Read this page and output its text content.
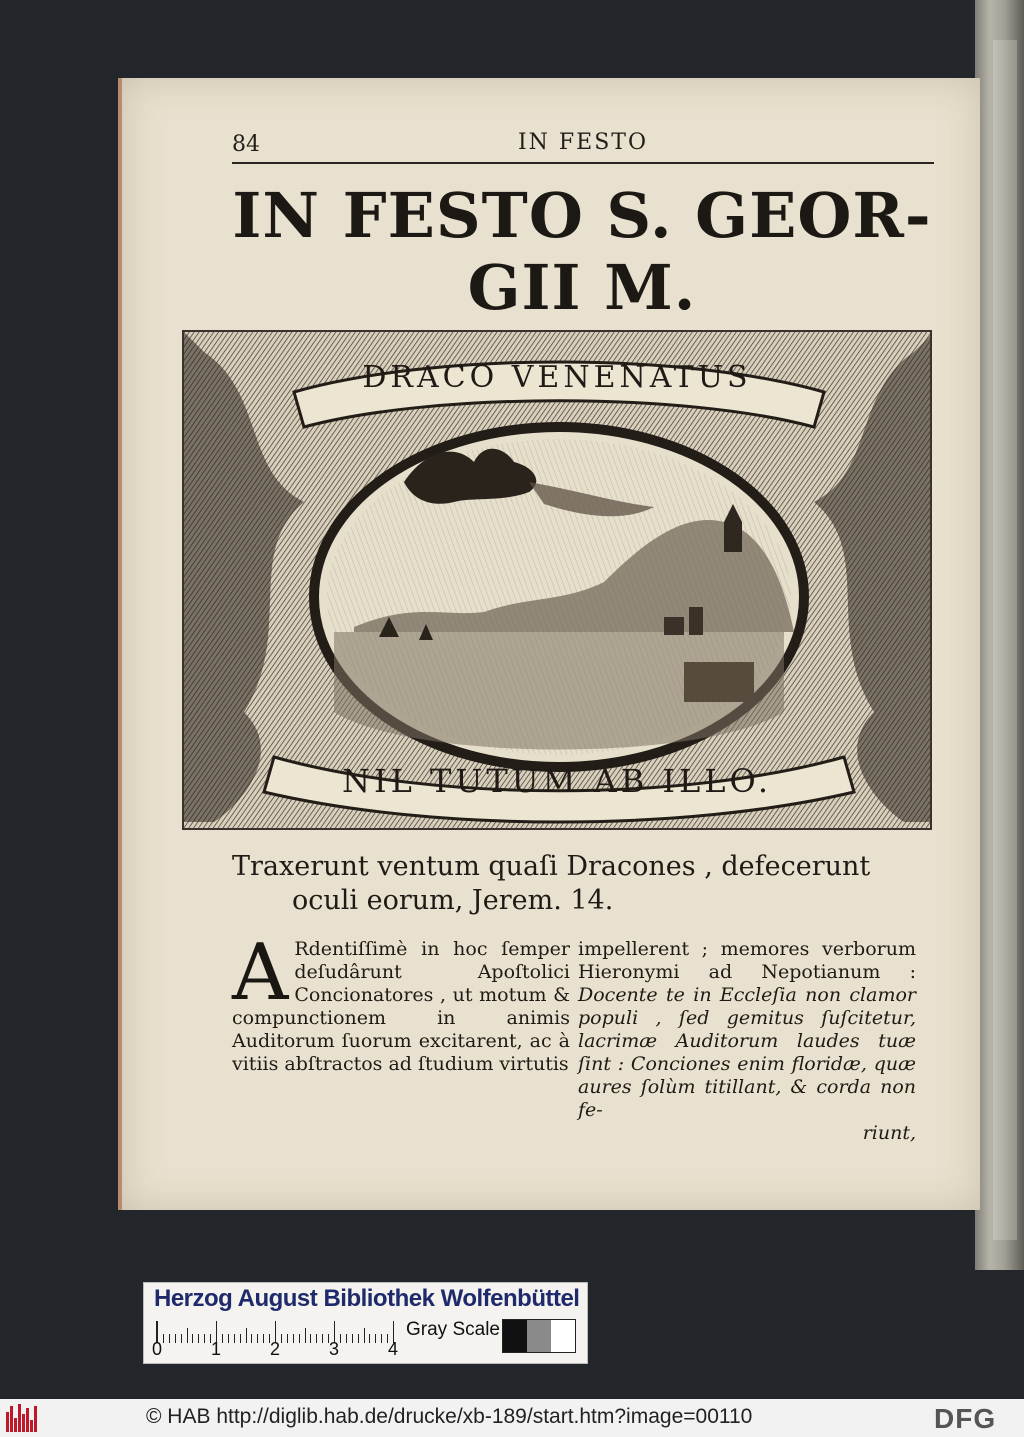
84	IN FESTO
IN FESTO S. GEOR-
GII M.
DRACO VENENATUS
NIL TUTUM AB ILLO.
Traxerunt ventum quaſi Dracones , defecerunt
oculi eorum, Jerem. 14.
A Rdentiſſimè in hoc ſemper deſudârunt Apoſtolici Concionatores , ut motum & compunctionem in animis Auditorum ſuorum excitarent, ac à vitiis abſtractos ad ſtudium virtutis
impellerent ; memores verborum Hieronymi ad Nepotianum : Docente te in Eccleſia non clamor populi , ſed gemitus ſuſcitetur, lacrimæ Auditorum laudes tuæ ſint : Conciones enim floridæ, quæ aures ſolùm titillant, & corda non fe-
riunt,
Herzog August Bibliothek Wolfenbüttel
0	1	2	3	4
Gray Scale
© HAB http://diglib.hab.de/drucke/xb-189/start.htm?image=00110	DFG
